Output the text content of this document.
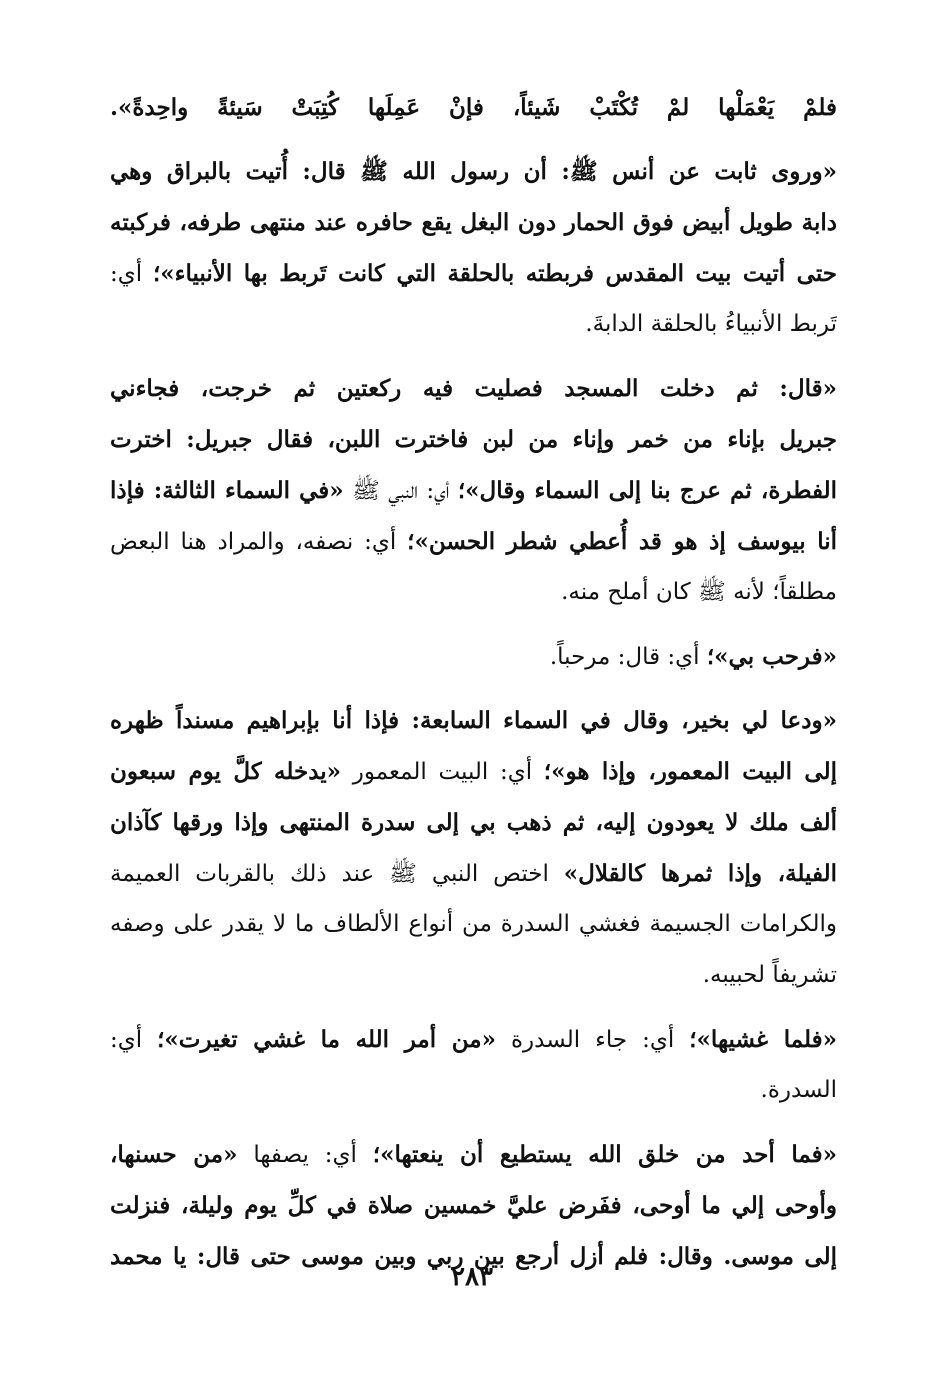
فلمْ يَعْمَلْها لمْ تُكْتَبْ شَيئاً، فإنْ عَمِلَها كُتِبَتْ سَيئةً واحِدةً».
«وروى ثابت عن أنس ﷺ: أن رسول الله ﷺ قال: أُتيت بالبراق وهي
دابة طويل أبيض فوق الحمار دون البغل يقع حافره عند منتهى طرفه، فركبته
حتى أتيت بيت المقدس فربطته بالحلقة التي كانت تَربط بها الأنبياء»؛ أي:
تَربط الأنبياءُ بالحلقة الدابةَ.
«قال: ثم دخلت المسجد فصليت فيه ركعتين ثم خرجت، فجاءني
جبريل بإناء من خمر وإناء من لبن فاخترت اللبن، فقال جبريل: اخترت
الفطرة، ثم عرج بنا إلى السماء وقال»؛ أي: النبي ﷺ «في السماء الثالثة: فإذا
أنا بيوسف إذ هو قد أُعطي شطر الحسن»؛ أي: نصفه، والمراد هنا البعض
مطلقاً؛ لأنه ﷺ كان أملح منه.
«فرحب بي»؛ أي: قال: مرحباً.
«ودعا لي بخير، وقال في السماء السابعة: فإذا أنا بإبراهيم مسنداً ظهره
إلى البيت المعمور، وإذا هو»؛ أي: البيت المعمور «يدخله كلَّ يوم سبعون
ألف ملك لا يعودون إليه، ثم ذهب بي إلى سدرة المنتهى وإذا ورقها كآذان
الفيلة، وإذا ثمرها كالقلال» اختص النبي ﷺ عند ذلك بالقربات العميمة
والكرامات الجسيمة فغشي السدرة من أنواع الألطاف ما لا يقدر على وصفه
تشريفاً لحبيبه.
«فلما غشيها»؛ أي: جاء السدرة «من أمر الله ما غشي تغيرت»؛ أي:
السدرة.
«فما أحد من خلق الله يستطيع أن ينعتها»؛ أي: يصفها «من حسنها،
وأوحى إلي ما أوحى، ففَرض عليَّ خمسين صلاة في كلِّ يوم وليلة، فنزلت
إلى موسى. وقال: فلم أزل أرجع بين ربي وبين موسى حتى قال: يا محمد
٢٨٣
